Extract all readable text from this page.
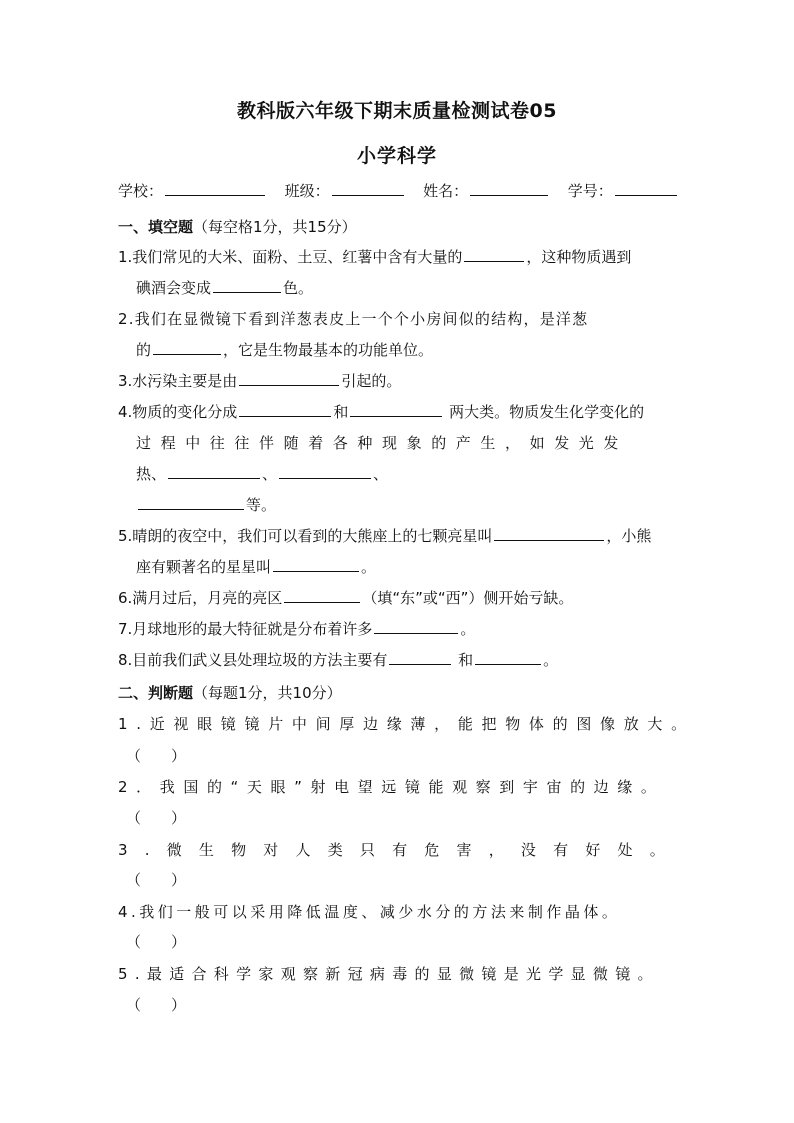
教科版六年级下期末质量检测试卷05
小学科学
学校：	班级：	姓名：	学号：
一、填空题（每空格1分，共15分）
1.我们常见的大米、面粉、土豆、红薯中含有大量的	，这种物质遇到
碘酒会变成	色。
2.我们在显微镜下看到洋葱表皮上一个个小房间似的结构，是洋葱
的	，它是生物最基本的功能单位。
3.水污染主要是由	引起的。
4.物质的变化分成	和	两大类。物质发生化学变化的
过程中往往伴随着各种现象的产生，如发光发
热、	、	、
等。
5.晴朗的夜空中，我们可以看到的大熊座上的七颗亮星叫	，小熊
座有颗著名的星星叫	。
6.满月过后，月亮的亮区	（填“东”或“西”）侧开始亏缺。
7.月球地形的最大特征就是分布着许多	。
8.目前我们武义县处理垃圾的方法主要有	和	。
二、判断题（每题1分，共10分）
1.近视眼镜镜片中间厚边缘薄，能把物体的图像放大。
（　　）
2．我国的“天眼”射电望远镜能观察到宇宙的边缘。
（　　）
3.微生物对人类只有危害，没有好处。
（　　）
4.我们一般可以采用降低温度、减少水分的方法来制作晶体。
（　　）
5.最适合科学家观察新冠病毒的显微镜是光学显微镜。
（　　）
